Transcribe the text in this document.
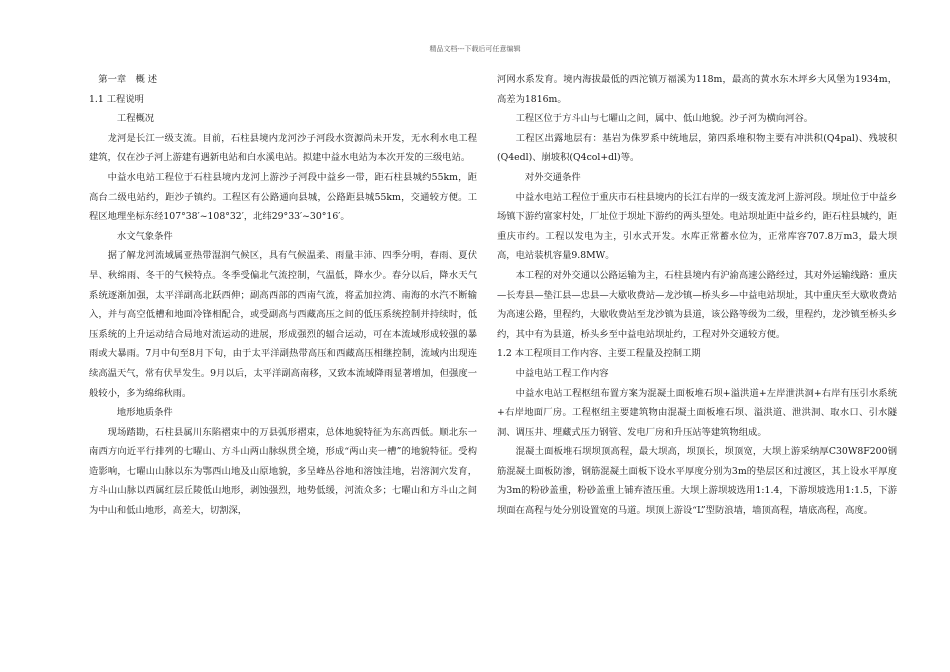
精品文档---下载后可任意编辑

第一章　概 述

1.1 工程说明

工程概况

龙河是长江一级支流。目前，石柱县境内龙河沙子河段水资源尚未开发，无水利水电工程建筑，仅在沙子河上游建有遇新电站和白水溪电站。拟建中益水电站为本次开发的三级电站。

中益水电站工程位于石柱县境内龙河上游沙子河段中益乡一带，距石柱县城约55km，距高台二级电站约，距沙子镇约。工程区有公路通向县城，公路距县城55km，交通较方便。工程区地理坐标东经107°38′~108°32′，北纬29°33′~30°16′。

水文气象条件

据了解龙河流域属亚热带湿润气候区，具有气候温柔、雨量丰沛、四季分明，春雨、夏伏旱、秋绵雨、冬干的气候特点。冬季受偏北气流控制，气温低，降水少。春分以后，降水天气系统逐渐加强，太平洋副高北跃西伸；副高西部的西南气流，将孟加拉湾、南海的水汽不断输入，并与高空低槽和地面冷锋相配合，或受副高与西藏高压之间的低压系统控制并持续时，低压系统的上升运动结合局地对流运动的进展，形成强烈的辐合运动，可在本流域形成较强的暴雨或大暴雨。7月中旬至8月下旬，由于太平洋副热带高压和西藏高压相继控制，流域内出现连续高温天气，常有伏旱发生。9月以后，太平洋副高南移，又致本流域降雨显著增加，但强度一般较小，多为绵绵秋雨。

地形地质条件

现场踏勘，石柱县属川东陷褶束中的万县弧形褶束，总体地貌特征为东高西低。顺北东一南西方向近平行排列的七曜山、方斗山两山脉纵贯全境，形成“两山夹一槽”的地貌特征。受构造影响，七曜山山脉以东为鄂西山地及山原地貌，多呈峰丛谷地和溶蚀洼地，岩溶洞穴发育，方斗山山脉以西属红层丘陵低山地形，剥蚀强烈，地势低缓，河流众多；七曜山和方斗山之间为中山和低山地形，高差大，切割深，

河网水系发育。境内海拔最低的西沱镇万福溪为118m，最高的黄水东木坪乡大风堡为1934m，高差为1816m。

工程区位于方斗山与七曜山之间，属中、低山地貌。沙子河为横向河谷。

工程区出露地层有：基岩为侏罗系中统地层，第四系堆积物主要有冲洪积(Q4pal)、残坡积(Q4edl)、崩坡积(Q4col+dl)等。

对外交通条件

中益水电站工程位于重庆市石柱县境内的长江右岸的一级支流龙河上游河段。坝址位于中益乡场镇下游约富家村处，厂址位于坝址下游约的两头望处。电站坝址距中益乡约，距石柱县城约，距重庆市约。工程以发电为主，引水式开发。水库正常蓄水位为，正常库容707.8万m3，最大坝高，电站装机容量9.8MW。

本工程的对外交通以公路运输为主，石柱县境内有沪渝高速公路经过，其对外运输线路：重庆—长寿县—垫江县—忠县—大歇收费站—龙沙镇—桥头乡—中益电站坝址，其中重庆至大歇收费站为高速公路，里程约，大歇收费站至龙沙镇为县道，该公路等级为二级，里程约，龙沙镇至桥头乡约，其中有为县道，桥头乡至中益电站坝址约，工程对外交通较方便。

1.2 本工程项目工作内容、主要工程量及控制工期

中益电站工程工作内容

中益水电站工程枢纽布置方案为混凝土面板堆石坝+溢洪道+左岸泄洪洞+右岸有压引水系统+右岸地面厂房。工程枢纽主要建筑物由混凝土面板堆石坝、溢洪道、泄洪洞、取水口、引水隧洞、调压井、埋藏式压力钢管、发电厂房和升压站等建筑物组成。

混凝土面板堆石坝坝顶高程，最大坝高，坝顶长，坝顶宽，大坝上游采纳厚C30W8F200钢筋混凝土面板防渗，钢筋混凝土面板下设水平厚度分别为3m的垫层区和过渡区，其上设水平厚度为3m的粉砂盖重，粉砂盖重上铺弃渣压重。大坝上游坝坡选用1:1.4，下游坝坡选用1:1.5，下游坝面在高程与处分别设置宽的马道。坝顶上游设“L”型防浪墙，墙顶高程，墙底高程，高度。
